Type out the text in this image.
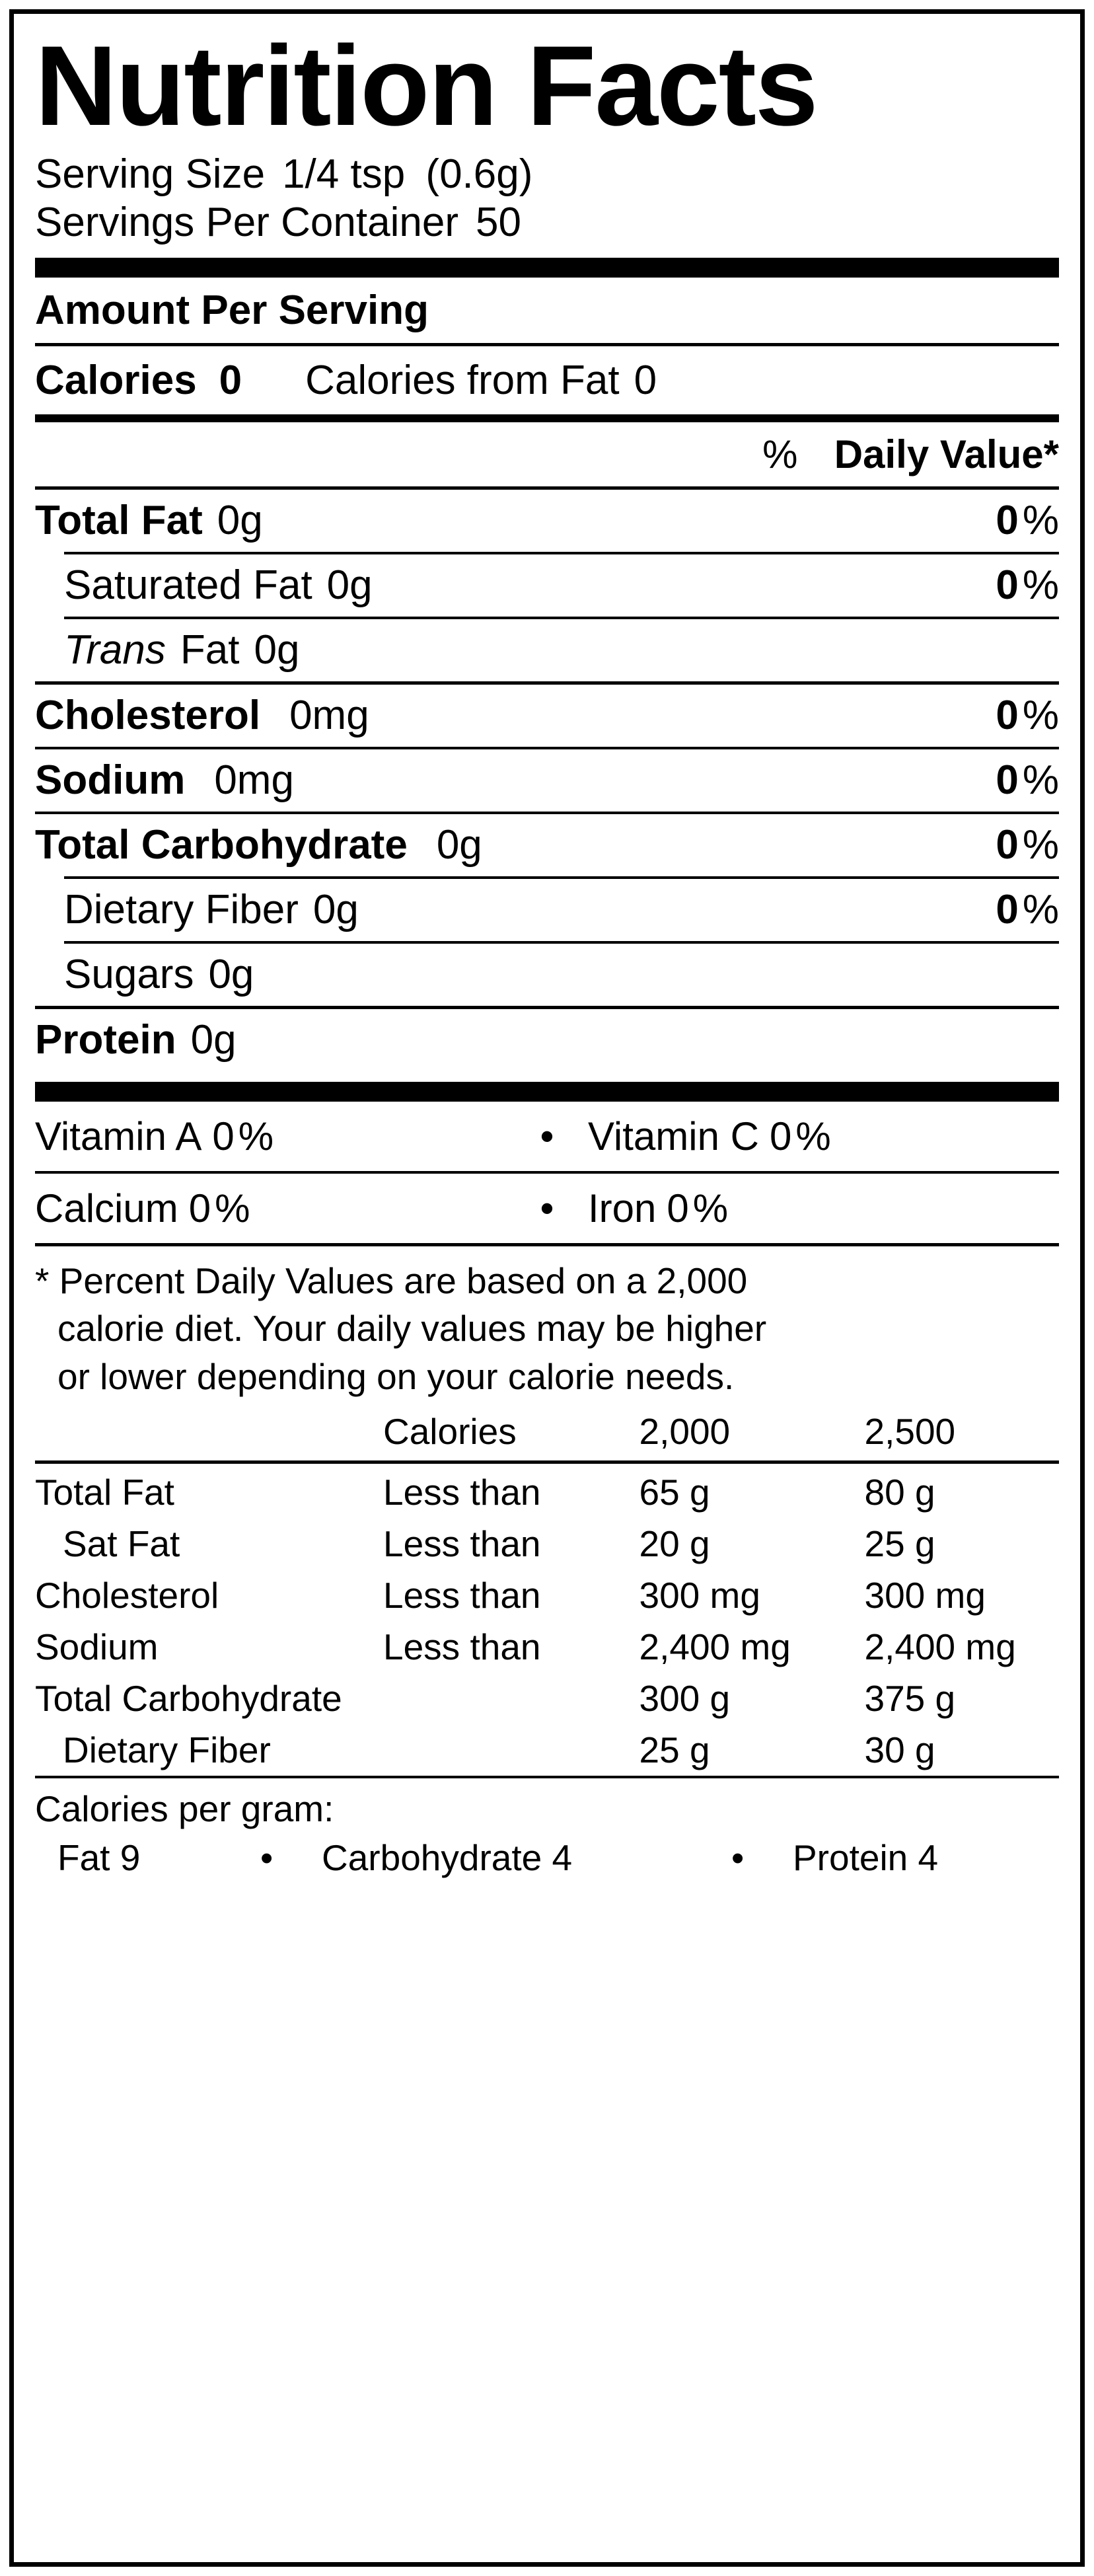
Nutrition Facts
Serving Size 1/4 tsp (0.6g)
Servings Per Container 50
Amount Per Serving
Calories 0	Calories from Fat 0
% Daily Value*
Total Fat 0g	0 %
Saturated Fat 0g	0 %
Trans Fat 0g
Cholesterol 0mg	0 %
Sodium 0mg	0 %
Total Carbohydrate 0g	0 %
Dietary Fiber 0g	0 %
Sugars 0g
Protein 0g
Vitamin A 0 %	• Vitamin C 0 %
Calcium 0 %	• Iron 0 %
* Percent Daily Values are based on a 2,000
calorie diet. Your daily values may be higher
or lower depending on your calorie needs.
	Calories	2,000	2,500
Total Fat	Less than	65 g	80 g
Sat Fat	Less than	20 g	25 g
Cholesterol	Less than	300 mg	300 mg
Sodium	Less than	2,400 mg	2,400 mg
Total Carbohydrate		300 g	375 g
Dietary Fiber		25 g	30 g
Calories per gram:
Fat 9	•	Carbohydrate 4	•	Protein 4
